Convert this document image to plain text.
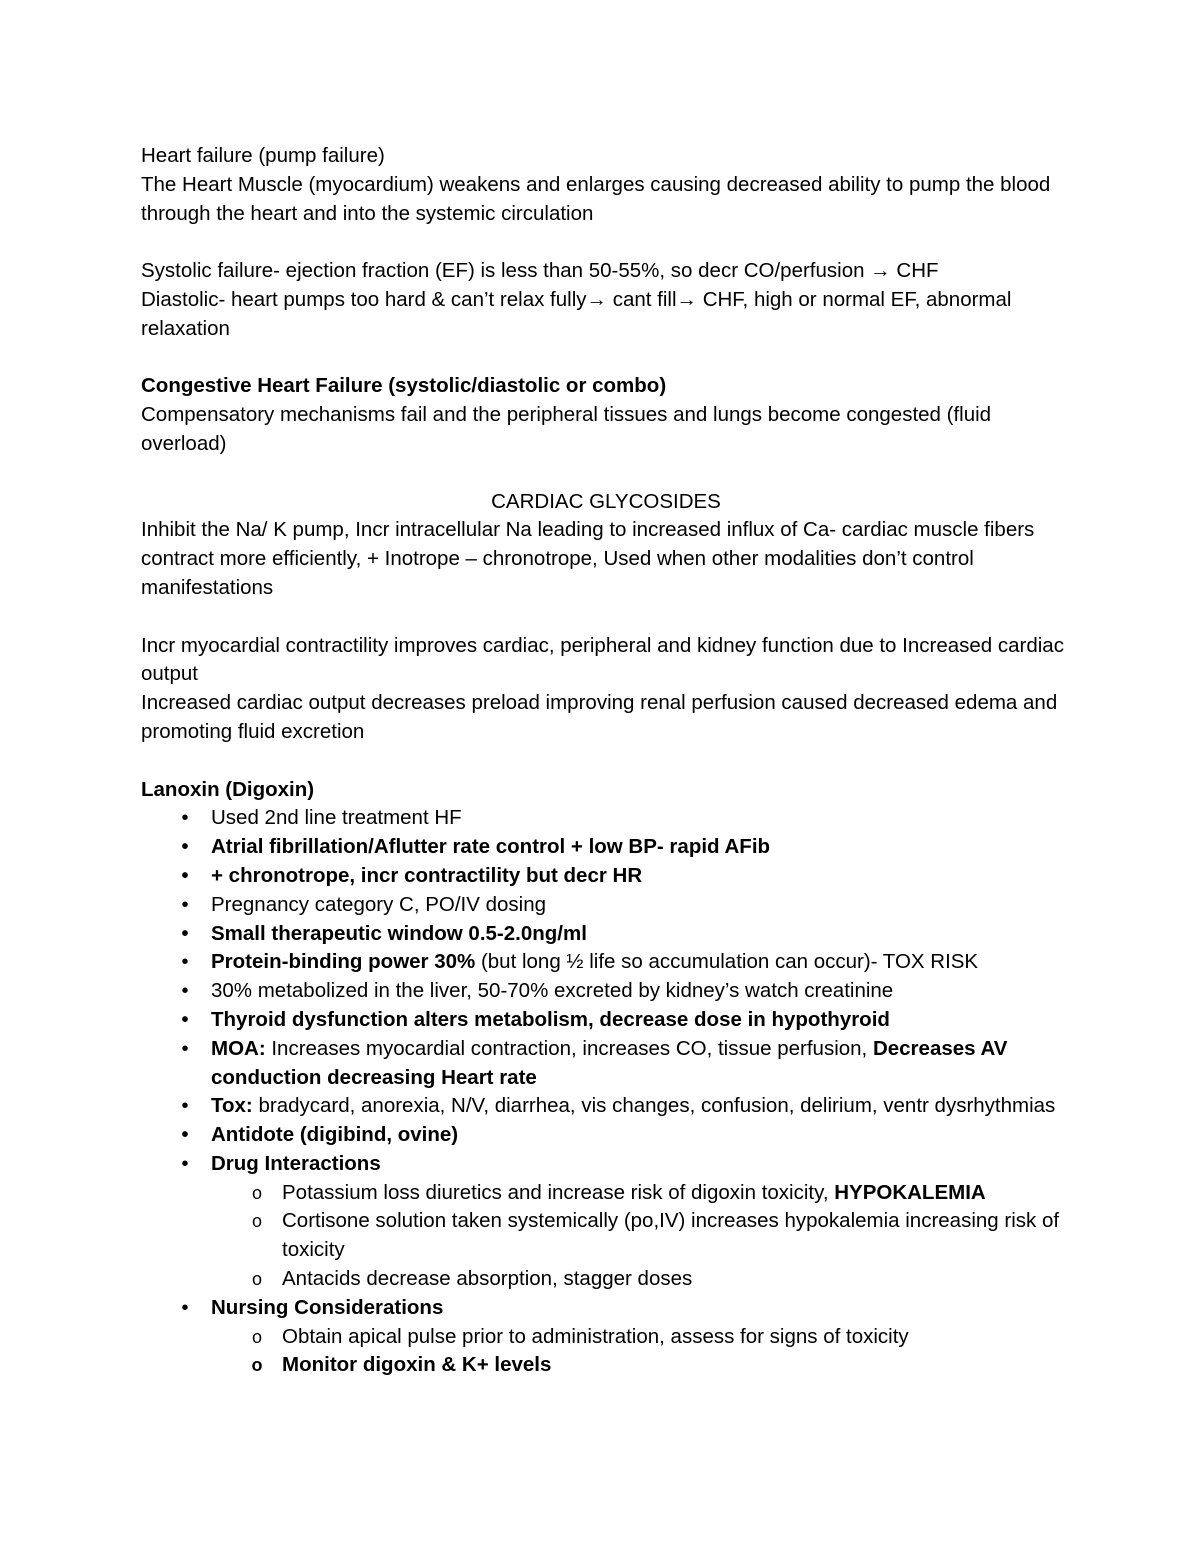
Heart failure (pump failure)

The Heart Muscle (myocardium) weakens and enlarges causing decreased ability to pump the blood through the heart and into the systemic circulation

Systolic failure- ejection fraction (EF) is less than 50-55%, so decr CO/perfusion → CHF

Diastolic- heart pumps too hard & can’t relax fully→ cant fill→ CHF, high or normal EF, abnormal relaxation

Congestive Heart Failure (systolic/diastolic or combo)

Compensatory mechanisms fail and the peripheral tissues and lungs become congested (fluid overload)

CARDIAC GLYCOSIDES

Inhibit the Na/ K pump, Incr intracellular Na leading to increased influx of Ca- cardiac muscle fibers contract more efficiently, + Inotrope – chronotrope, Used when other modalities don’t control manifestations

Incr myocardial contractility improves cardiac, peripheral and kidney function due to Increased cardiac output

Increased cardiac output decreases preload improving renal perfusion caused decreased edema and promoting fluid excretion

Lanoxin (Digoxin)

•	Used 2nd line treatment HF
•	Atrial fibrillation/Aflutter rate control + low BP- rapid AFib
•	+ chronotrope, incr contractility but decr HR
•	Pregnancy category C, PO/IV dosing
•	Small therapeutic window 0.5-2.0ng/ml
•	Protein-binding power 30% (but long ½ life so accumulation can occur)- TOX RISK
•	30% metabolized in the liver, 50-70% excreted by kidney’s watch creatinine
•	Thyroid dysfunction alters metabolism, decrease dose in hypothyroid
•	MOA: Increases myocardial contraction, increases CO, tissue perfusion, Decreases AV conduction decreasing Heart rate
•	Tox: bradycard, anorexia, N/V, diarrhea, vis changes, confusion, delirium, ventr dysrhythmias
•	Antidote (digibind, ovine)
•	Drug Interactions
o Potassium loss diuretics and increase risk of digoxin toxicity, HYPOKALEMIA
o Cortisone solution taken systemically (po,IV) increases hypokalemia increasing risk of toxicity
o Antacids decrease absorption, stagger doses
•	Nursing Considerations
o Obtain apical pulse prior to administration, assess for signs of toxicity
o Monitor digoxin & K+ levels
